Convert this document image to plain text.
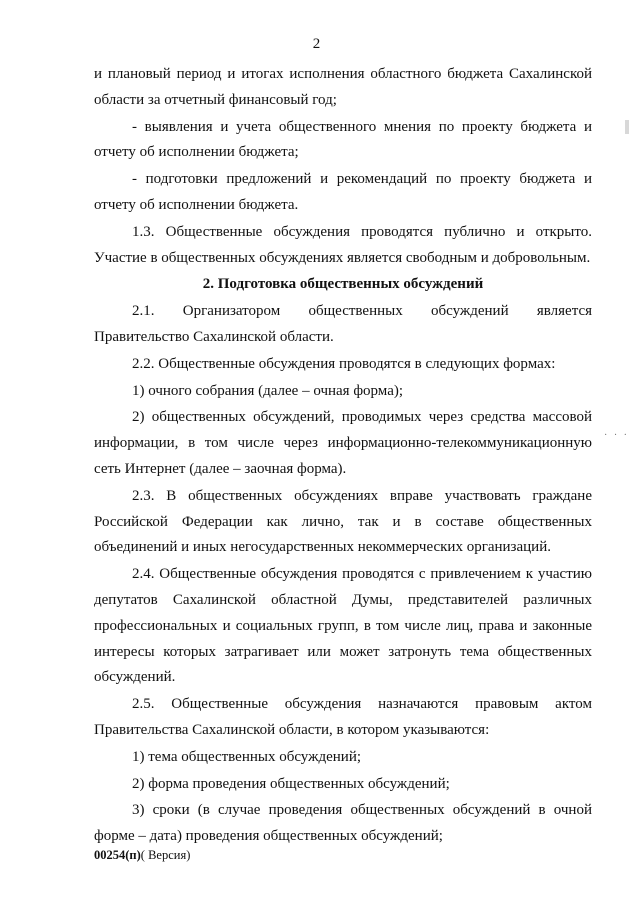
2

и плановый период и итогах исполнения областного бюджета Сахалинской области за отчетный финансовый год;

- выявления и учета общественного мнения по проекту бюджета и отчету об исполнении бюджета;

- подготовки предложений и рекомендаций по проекту бюджета и отчету об исполнении бюджета.

1.3. Общественные обсуждения проводятся публично и открыто. Участие в общественных обсуждениях является свободным и добровольным.

2. Подготовка общественных обсуждений

2.1. Организатором общественных обсуждений является Правительство Сахалинской области.

2.2. Общественные обсуждения проводятся в следующих формах:

1) очного собрания (далее – очная форма);

2) общественных обсуждений, проводимых через средства массовой информации, в том числе через информационно-телекоммуникационную сеть Интернет (далее – заочная форма).

2.3. В общественных обсуждениях вправе участвовать граждане Российской Федерации как лично, так и в составе общественных объединений и иных негосударственных некоммерческих организаций.

2.4. Общественные обсуждения проводятся с привлечением к участию депутатов Сахалинской областной Думы, представителей различных профессиональных и социальных групп, в том числе лиц, права и законные интересы которых затрагивает или может затронуть тема общественных обсуждений.

2.5. Общественные обсуждения назначаются правовым актом Правительства Сахалинской области, в котором указываются:

1) тема общественных обсуждений;

2) форма проведения общественных обсуждений;

3) сроки (в случае проведения общественных обсуждений в очной форме – дата) проведения общественных обсуждений;

00254(п)( Версия)
· · ·
